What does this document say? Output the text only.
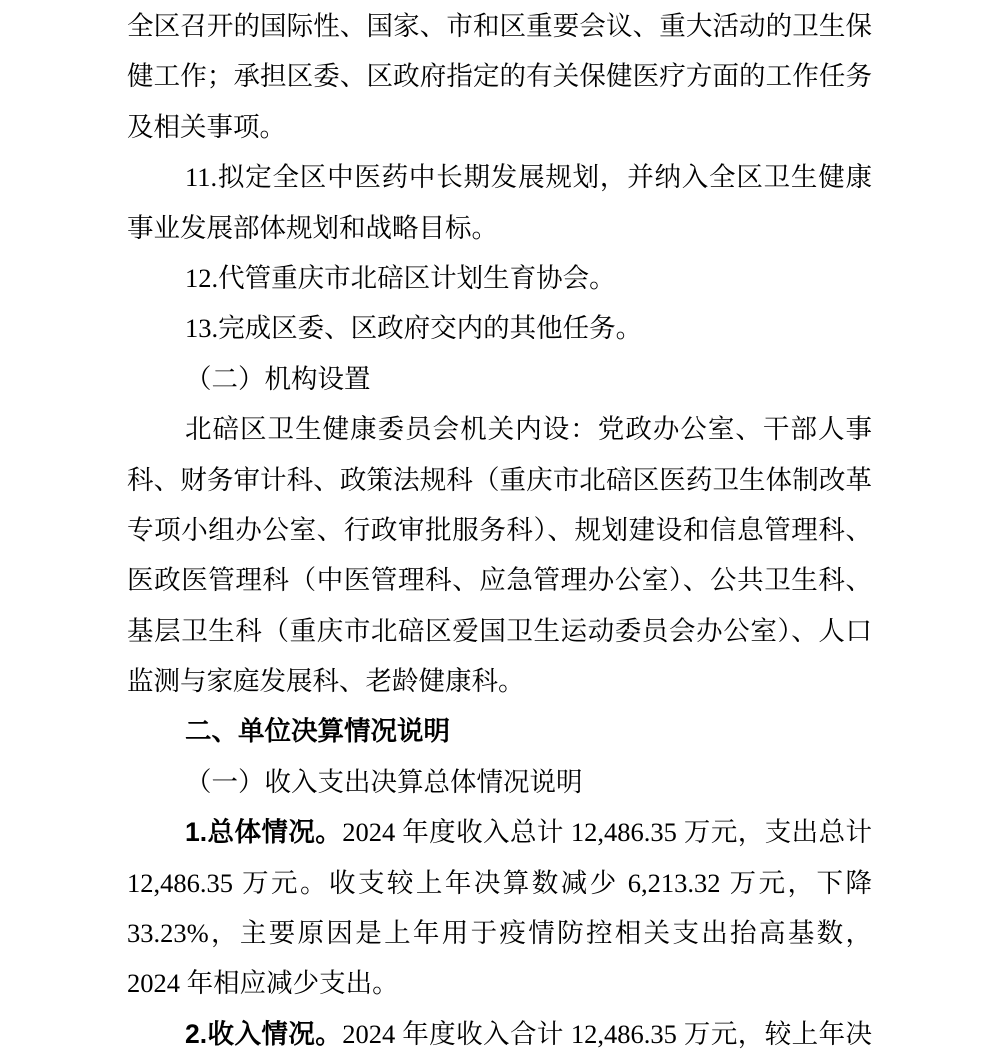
全区召开的国际性、国家、市和区重要会议、重大活动的卫生保
健工作；承担区委、区政府指定的有关保健医疗方面的工作任务
及相关事项。
11.拟定全区中医药中长期发展规划，并纳入全区卫生健康
事业发展部体规划和战略目标。
12.代管重庆市北碚区计划生育协会。
13.完成区委、区政府交内的其他任务。
（二）机构设置
北碚区卫生健康委员会机关内设：党政办公室、干部人事
科、财务审计科、政策法规科（重庆市北碚区医药卫生体制改革
专项小组办公室、行政审批服务科）、规划建设和信息管理科、
医政医管理科（中医管理科、应急管理办公室）、公共卫生科、
基层卫生科（重庆市北碚区爱国卫生运动委员会办公室）、人口
监测与家庭发展科、老龄健康科。
二、单位决算情况说明
（一）收入支出决算总体情况说明
1.总体情况。2024 年度收入总计 12,486.35 万元，支出总计
12,486.35 万元。收支较上年决算数减少 6,213.32 万元，下降
33.23%，主要原因是上年用于疫情防控相关支出抬高基数，
2024 年相应减少支出。
2.收入情况。2024 年度收入合计 12,486.35 万元，较上年决
